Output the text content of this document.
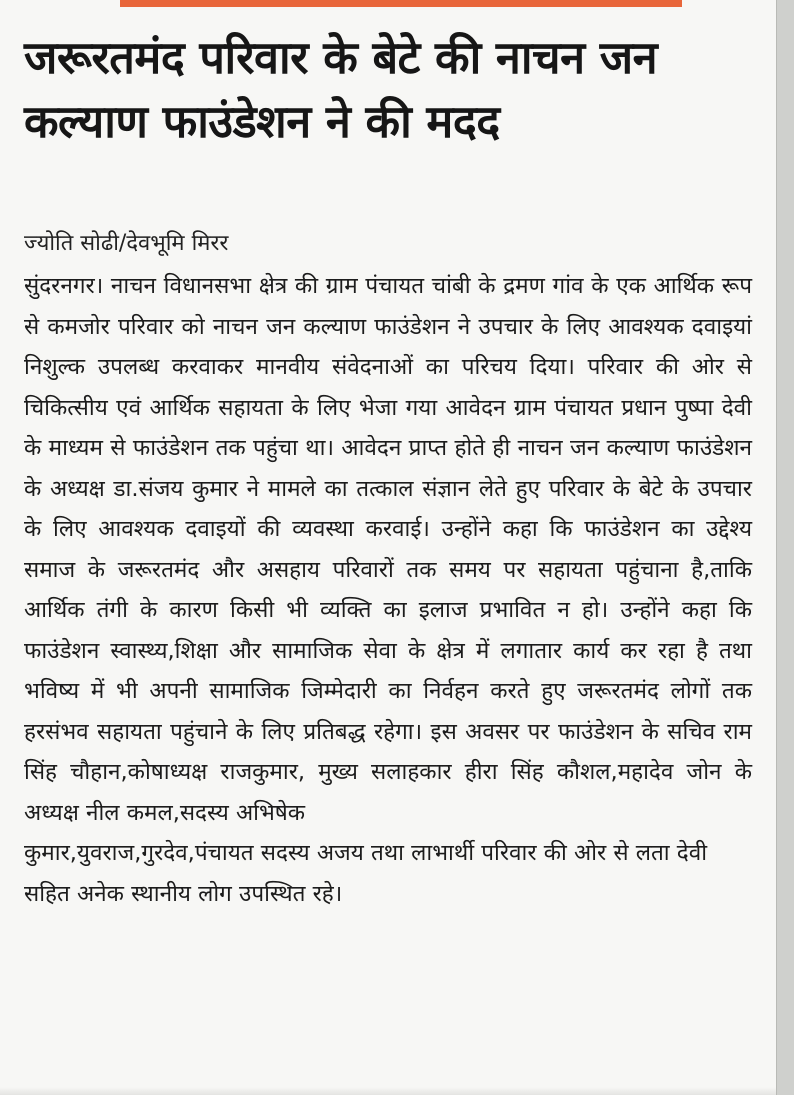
जरूरतमंद परिवार के बेटे की नाचन जन कल्याण फाउंडेशन ने की मदद
ज्योति सोढी/देवभूमि मिरर

सुंदरनगर। नाचन विधानसभा क्षेत्र की ग्राम पंचायत चांबी के द्रमण गांव के एक आर्थिक रूप से कमजोर परिवार को नाचन जन कल्याण फाउंडेशन ने उपचार के लिए आवश्यक दवाइयां निशुल्क उपलब्ध करवाकर मानवीय संवेदनाओं का परिचय दिया। परिवार की ओर से चिकित्सीय एवं आर्थिक सहायता के लिए भेजा गया आवेदन ग्राम पंचायत प्रधान पुष्पा देवी के माध्यम से फाउंडेशन तक पहुंचा था। आवेदन प्राप्त होते ही नाचन जन कल्याण फाउंडेशन के अध्यक्ष डा.संजय कुमार ने मामले का तत्काल संज्ञान लेते हुए परिवार के बेटे के उपचार के लिए आवश्यक दवाइयों की व्यवस्था करवाई। उन्होंने कहा कि फाउंडेशन का उद्देश्य समाज के जरूरतमंद और असहाय परिवारों तक समय पर सहायता पहुंचाना है,ताकि आर्थिक तंगी के कारण किसी भी व्यक्ति का इलाज प्रभावित न हो। उन्होंने कहा कि फाउंडेशन स्वास्थ्य,शिक्षा और सामाजिक सेवा के क्षेत्र में लगातार कार्य कर रहा है तथा भविष्य में भी अपनी सामाजिक जिम्मेदारी का निर्वहन करते हुए जरूरतमंद लोगों तक हरसंभव सहायता पहुंचाने के लिए प्रतिबद्ध रहेगा। इस अवसर पर फाउंडेशन के सचिव राम सिंह चौहान,कोषाध्यक्ष राजकुमार, मुख्य सलाहकार हीरा सिंह कौशल,महादेव जोन के अध्यक्ष नील कमल,सदस्य अभिषेक

कुमार,युवराज,गुरदेव,पंचायत सदस्य अजय तथा लाभार्थी परिवार की ओर से लता देवी सहित अनेक स्थानीय लोग उपस्थित रहे।
